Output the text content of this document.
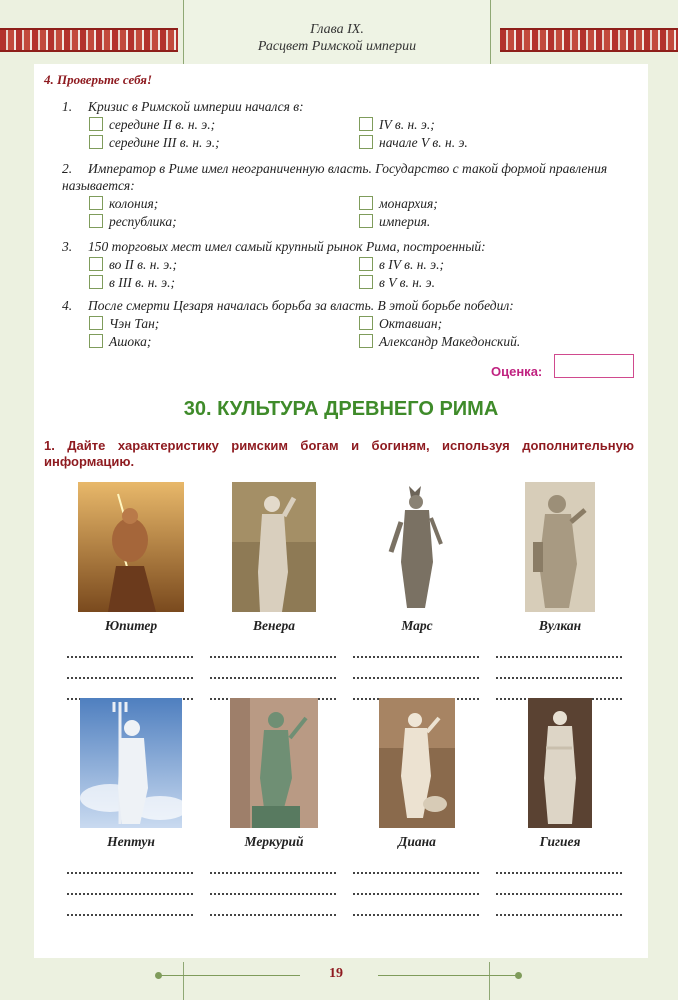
Глава IX.
Расцвет Римской империи
4. Проверьте себя!
1. Кризис в Римской империи начался в:
середине II в. н. э.;	IV в. н. э.;
середине III в. н. э.;	начале V в. н. э.
2. Император в Риме имел неограниченную власть. Государство с такой формой правления называется:
колония;	монархия;
республика;	империя.
3. 150 торговых мест имел самый крупный рынок Рима, построенный:
во II в. н. э.;	в IV в. н. э.;
в III в. н. э.;	в V в. н. э.
4. После смерти Цезаря началась борьба за власть. В этой борьбе победил:
Чэн Тан;	Октавиан;
Ашока;	Александр Македонский.
Оценка:
30. КУЛЬТУРА ДРЕВНЕГО РИМА
1. Дайте характеристику римским богам и богиням, используя дополнительную информацию.
Юпитер	Венера	Марс	Вулкан
Нептун	Меркурий	Диана	Гигиея
19
